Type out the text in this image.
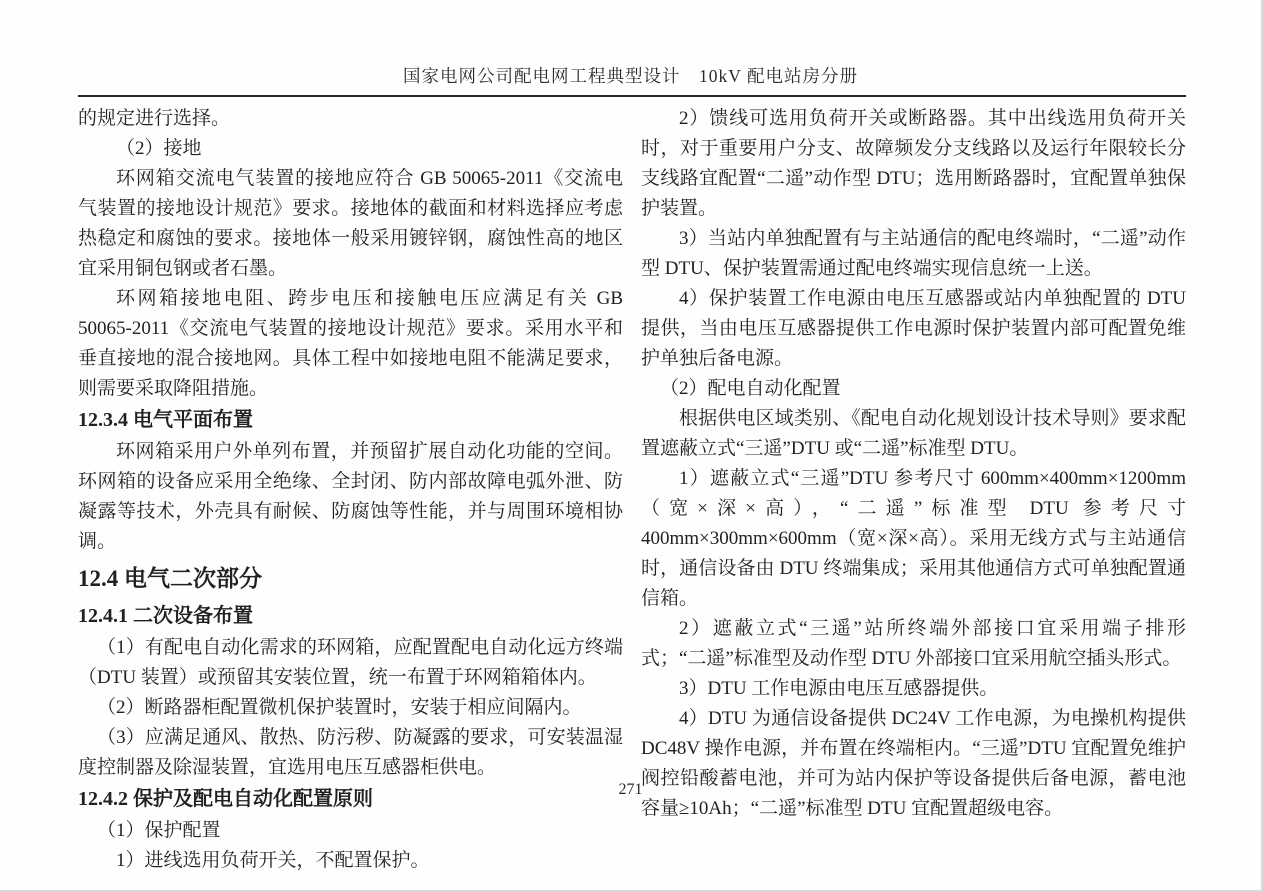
国家电网公司配电网工程典型设计　10kV 配电站房分册

的规定进行选择。

（2）接地

环网箱交流电气装置的接地应符合 GB 50065-2011《交流电气装置的接地设计规范》要求。接地体的截面和材料选择应考虑热稳定和腐蚀的要求。接地体一般采用镀锌钢，腐蚀性高的地区宜采用铜包钢或者石墨。

环网箱接地电阻、跨步电压和接触电压应满足有关 GB 50065-2011《交流电气装置的接地设计规范》要求。采用水平和垂直接地的混合接地网。具体工程中如接地电阻不能满足要求，则需要采取降阻措施。

12.3.4 电气平面布置

环网箱采用户外单列布置，并预留扩展自动化功能的空间。环网箱的设备应采用全绝缘、全封闭、防内部故障电弧外泄、防凝露等技术，外壳具有耐候、防腐蚀等性能，并与周围环境相协调。

12.4 电气二次部分
12.4.1 二次设备布置

（1）有配电自动化需求的环网箱，应配置配电自动化远方终端（DTU 装置）或预留其安装位置，统一布置于环网箱箱体内。

（2）断路器柜配置微机保护装置时，安装于相应间隔内。

（3）应满足通风、散热、防污秽、防凝露的要求，可安装温湿度控制器及除湿装置，宜选用电压互感器柜供电。

12.4.2 保护及配电自动化配置原则

（1）保护配置

1）进线选用负荷开关，不配置保护。

2）馈线可选用负荷开关或断路器。其中出线选用负荷开关时，对于重要用户分支、故障频发分支线路以及运行年限较长分支线路宜配置“二遥”动作型 DTU；选用断路器时，宜配置单独保护装置。

3）当站内单独配置有与主站通信的配电终端时，“二遥”动作型 DTU、保护装置需通过配电终端实现信息统一上送。

4）保护装置工作电源由电压互感器或站内单独配置的 DTU 提供，当由电压互感器提供工作电源时保护装置内部可配置免维护单独后备电源。

（2）配电自动化配置

根据供电区域类别、《配电自动化规划设计技术导则》要求配置遮蔽立式“三遥”DTU 或“二遥”标准型 DTU。

1）遮蔽立式“三遥”DTU 参考尺寸 600mm×400mm×1200mm（宽×深×高），“二遥”标准型 DTU 参考尺寸 400mm×300mm×600mm（宽×深×高）。采用无线方式与主站通信时，通信设备由 DTU 终端集成；采用其他通信方式可单独配置通信箱。

2）遮蔽立式“三遥”站所终端外部接口宜采用端子排形式；“二遥”标准型及动作型 DTU 外部接口宜采用航空插头形式。

3）DTU 工作电源由电压互感器提供。

4）DTU 为通信设备提供 DC24V 工作电源，为电操机构提供 DC48V 操作电源，并布置在终端柜内。“三遥”DTU 宜配置免维护阀控铅酸蓄电池，并可为站内保护等设备提供后备电源，蓄电池容量≥10Ah；“二遥”标准型 DTU 宜配置超级电容。

271
